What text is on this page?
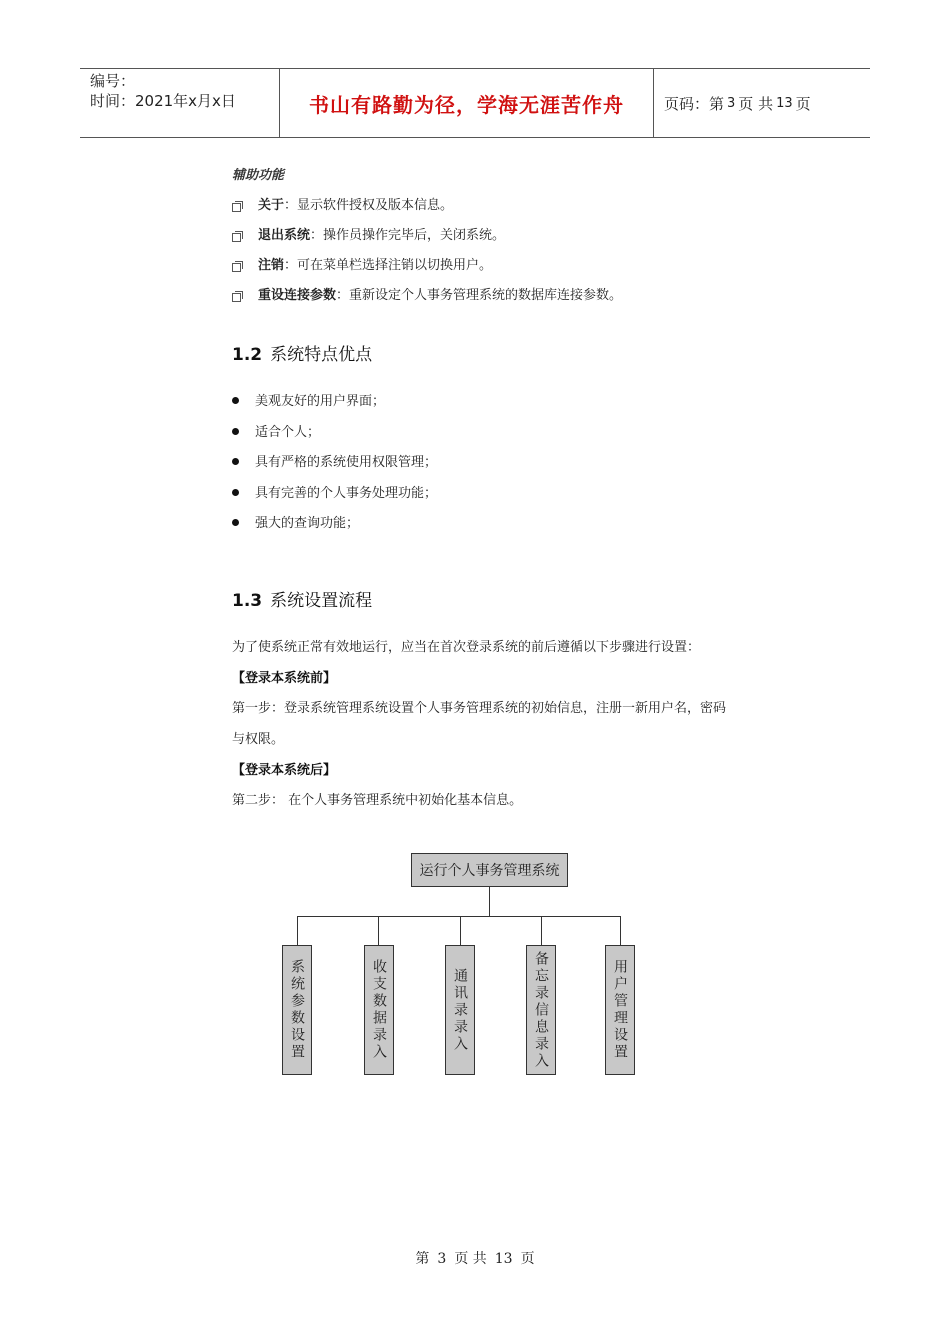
编号：
时间：2021年x月x日	书山有路勤为径，学海无涯苦作舟	页码：第 3 页 共 13 页
辅助功能
关于：显示软件授权及版本信息。
退出系统：操作员操作完毕后，关闭系统。
注销：可在菜单栏选择注销以切换用户。
重设连接参数：重新设定个人事务管理系统的数据库连接参数。
1.2 系统特点优点
美观友好的用户界面；
适合个人；
具有严格的系统使用权限管理；
具有完善的个人事务处理功能；
强大的查询功能；
1.3 系统设置流程
为了使系统正常有效地运行，应当在首次登录系统的前后遵循以下步骤进行设置：
【登录本系统前】
第一步：登录系统管理系统设置个人事务管理系统的初始信息，注册一新用户名，密码
与权限。
【登录本系统后】
第二步： 在个人事务管理系统中初始化基本信息。
运行个人事务管理系统
系统参数设置	收支数据录入	通讯录录入	备忘录信息录入	用户管理设置
第 3 页 共 13 页
